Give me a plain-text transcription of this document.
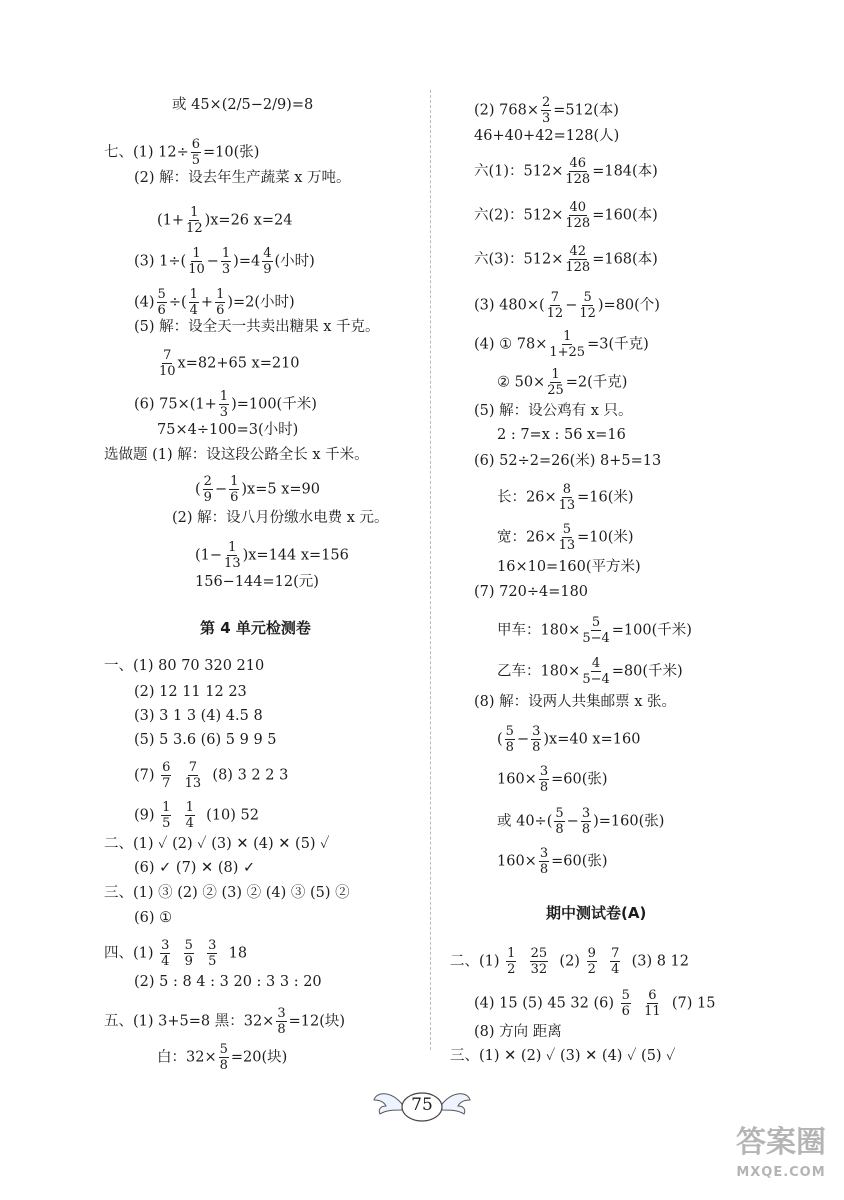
或 45×(2/5−2/9)=8
七、(1) $12\div \frac{6}{5} =10$(张)
(2) 解：设去年生产蔬菜 x 万吨。
$(1+ \frac{1}{12} )x=26$ x=24
(3) $1\div( \frac{1}{10} - \frac{1}{3} )=4 \frac{4}{9}$ (小时)
$(4) \frac{5}{6}$ ÷( $\frac{1}{4} + \frac{1}{6} )=2$(小时)
(5) 解：设全天一共卖出糖果 x 千克。
$\frac{7}{10} x=82+65$ x=210
(6) $75\times(1+ \frac{1}{3} )=100$(千米)
75×4÷100=3(小时)
选做题 (1) 解：设这段公路全长 x 千米。
( $\frac{2}{9} - \frac{1}{6} )x=5$ x=90
(2) 解：设八月份缴水电费 x 元。
$(1- \frac{1}{13} )x=144$ x=156
156−144=12(元)
第 4 单元检测卷
一、(1) 80 70 320 210
(2) 12 11 12 23
(3) 3 1 3 (4) 4.5 8
(5) 5 3.6 (6) 5 9 9 5
$(7) \frac{6}{7}$
$\frac{7}{13} (8)$ 3 2 2 3
$(9) \frac{1}{5}$
$\frac{1}{4} (10)$ 52
二、(1) ✓ (2) ✓ (3) ✕ (4) ✕ (5) ✓
(6) ✓ (7) ✕ (8) ✓
三、(1) ③ (2) ② (3) ② (4) ③ (5) ②
(6) ①
四、$(1) \frac{3}{4}$
$\frac{5}{9}$
$\frac{3}{5} 18$
(2) 5 : 8 4 : 3 20 : 3 3 : 20
五、(1) 3+5=8 黑：$32\times \frac{3}{8} =12$(块)
白：$32\times \frac{5}{8} =20$(块)
(2) $768\times \frac{2}{3} =512$(本)
46+40+42=128(人)
六(1)：$512\times \frac{46}{128} =184$(本)
六(2)：$512\times \frac{40}{128} =160$(本)
六(3)：$512\times \frac{42}{128} =168$(本)
(3) $480\times( \frac{7}{12} - \frac{5}{12} )=80$(个)
(4) ① $78\times \frac{1}{1+25} =3$(千克)
② $50\times \frac{1}{25} =2$(千克)
(5) 解：设公鸡有 x 只。
2 : 7=x : 56 x=16
(6) 52÷2=26(米) 8+5=13
长：$26\times \frac{8}{13} =16$(米)
宽：$26\times \frac{5}{13} =10$(米)
16×10=160(平方米)
(7) 720÷4=180
甲车：$180\times \frac{5}{5-4} =100$(千米)
乙车：$180\times \frac{4}{5-4} =80$(千米)
(8) 解：设两人共集邮票 x 张。
( $\frac{5}{8} - \frac{3}{8} )x=40$ x=160
$160\times \frac{3}{8} =60$(张)
或 $40\div( \frac{5}{8} - \frac{3}{8} )=160$(张)
$160\times \frac{3}{8} =60$(张)
期中测试卷(A)
二、$(1) \frac{1}{2}$
$\frac{25}{32} (2) \frac{9}{2}$
$\frac{7}{4} (3)$ 8 12
(4) 15 (5) 45 32 $(6) \frac{5}{6}$
$\frac{6}{11} (7)$ 15
(8) 方向 距离
三、(1) ✕ (2) ✓ (3) ✕ (4) ✓ (5) ✓
75
答案圈
MXQE.COM
